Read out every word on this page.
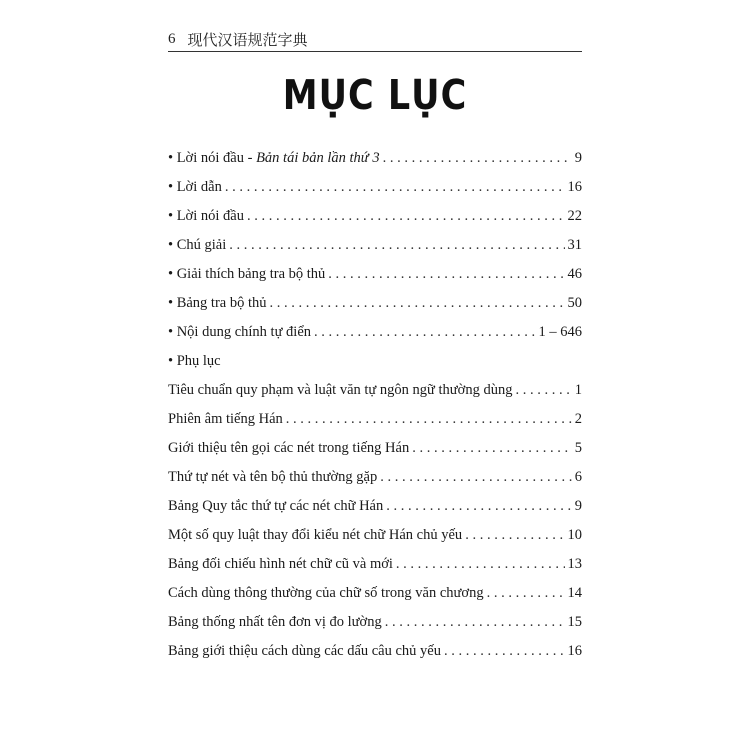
6 现代汉语规范字典
MỤC LỤC
• Lời nói đầu - Bản tái bản lần thứ 3 . . .	9
• Lời dẫn . . .	16
• Lời nói đầu . . .	22
• Chú giải . . .	31
• Giải thích bảng tra bộ thủ . . .	46
• Bảng tra bộ thủ . . .	50
• Nội dung chính tự điển . . .	1 – 646
• Phụ lục
Tiêu chuẩn quy phạm và luật văn tự ngôn ngữ thường dùng . . .	1
Phiên âm tiếng Hán . . .	2
Giới thiệu tên gọi các nét trong tiếng Hán . . .	5
Thứ tự nét và tên bộ thủ thường gặp . . .	6
Bảng Quy tắc thứ tự các nét chữ Hán . . .	9
Một số quy luật thay đổi kiểu nét chữ Hán chủ yếu . . .	10
Bảng đối chiếu hình nét chữ cũ và mới . . .	13
Cách dùng thông thường của chữ số trong văn chương . . .	14
Bảng thống nhất tên đơn vị đo lường . . .	15
Bảng giới thiệu cách dùng các dấu câu chủ yếu . . .	16
